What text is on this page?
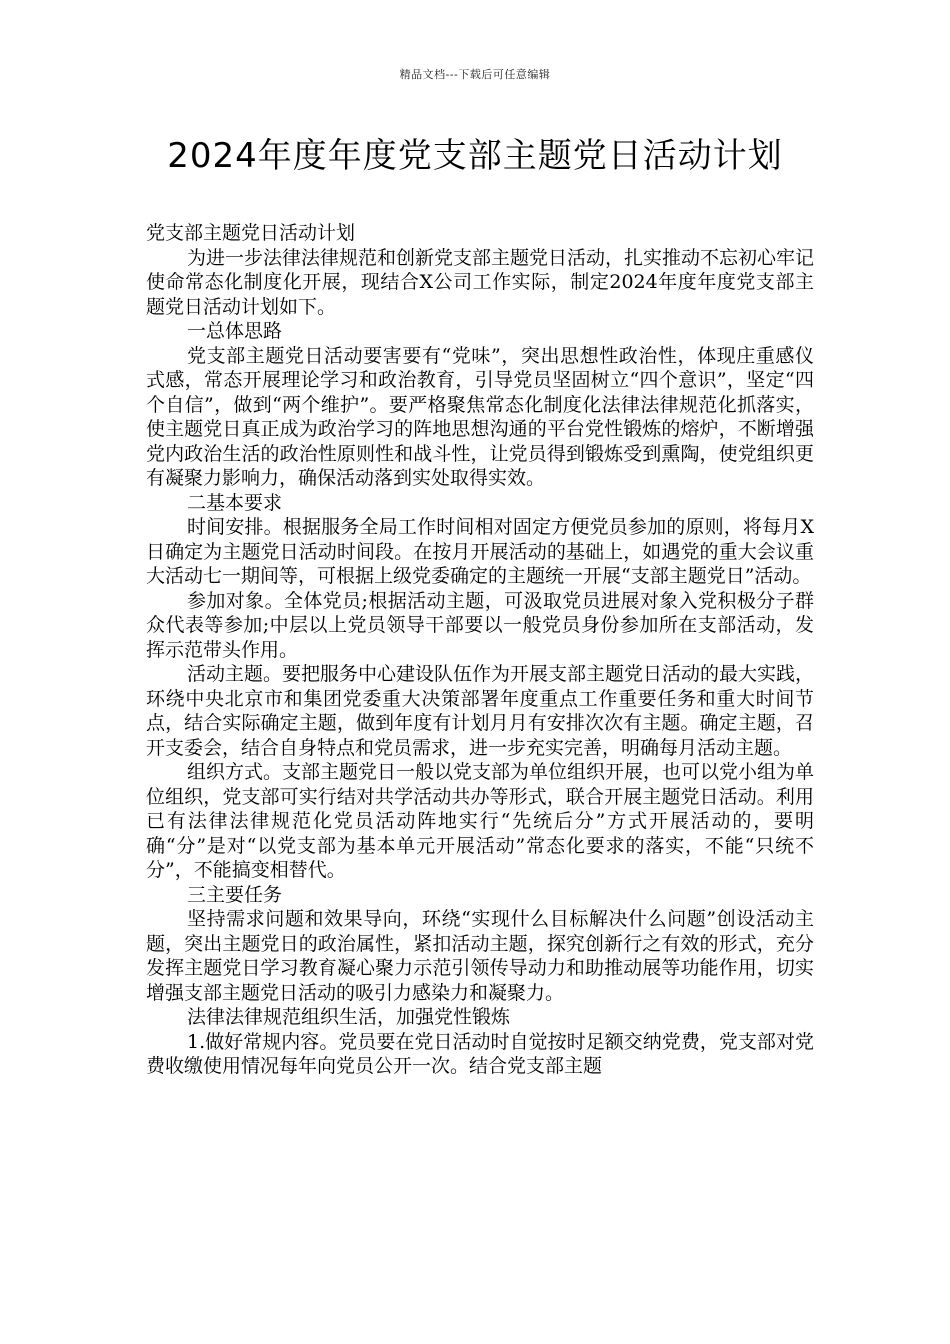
精品文档---下载后可任意编辑
2024年度年度党支部主题党日活动计划

党支部主题党日活动计划

为进一步法律法律规范和创新党支部主题党日活动，扎实推动不忘初心牢记使命常态化制度化开展，现结合X公司工作实际，制定2024年度年度党支部主题党日活动计划如下。

一总体思路

党支部主题党日活动要害要有“党味”，突出思想性政治性，体现庄重感仪式感，常态开展理论学习和政治教育，引导党员坚固树立“四个意识”，坚定“四个自信”，做到“两个维护”。要严格聚焦常态化制度化法律法律规范化抓落实，使主题党日真正成为政治学习的阵地思想沟通的平台党性锻炼的熔炉，不断增强党内政治生活的政治性原则性和战斗性，让党员得到锻炼受到熏陶，使党组织更有凝聚力影响力，确保活动落到实处取得实效。

二基本要求

时间安排。根据服务全局工作时间相对固定方便党员参加的原则，将每月X日确定为主题党日活动时间段。在按月开展活动的基础上，如遇党的重大会议重大活动七一期间等，可根据上级党委确定的主题统一开展“支部主题党日”活动。

参加对象。全体党员;根据活动主题，可汲取党员进展对象入党积极分子群众代表等参加;中层以上党员领导干部要以一般党员身份参加所在支部活动，发挥示范带头作用。

活动主题。要把服务中心建设队伍作为开展支部主题党日活动的最大实践，环绕中央北京市和集团党委重大决策部署年度重点工作重要任务和重大时间节点，结合实际确定主题，做到年度有计划月月有安排次次有主题。确定主题，召开支委会，结合自身特点和党员需求，进一步充实完善，明确每月活动主题。

组织方式。支部主题党日一般以党支部为单位组织开展，也可以党小组为单位组织，党支部可实行结对共学活动共办等形式，联合开展主题党日活动。利用已有法律法律规范化党员活动阵地实行“先统后分”方式开展活动的，要明确“分”是对“以党支部为基本单元开展活动”常态化要求的落实，不能“只统不分”，不能搞变相替代。

三主要任务

坚持需求问题和效果导向，环绕“实现什么目标解决什么问题”创设活动主题，突出主题党日的政治属性，紧扣活动主题，探究创新行之有效的形式，充分发挥主题党日学习教育凝心聚力示范引领传导动力和助推动展等功能作用，切实增强支部主题党日活动的吸引力感染力和凝聚力。

法律法律规范组织生活，加强党性锻炼

1.做好常规内容。党员要在党日活动时自觉按时足额交纳党费，党支部对党费收缴使用情况每年向党员公开一次。结合党支部主题
